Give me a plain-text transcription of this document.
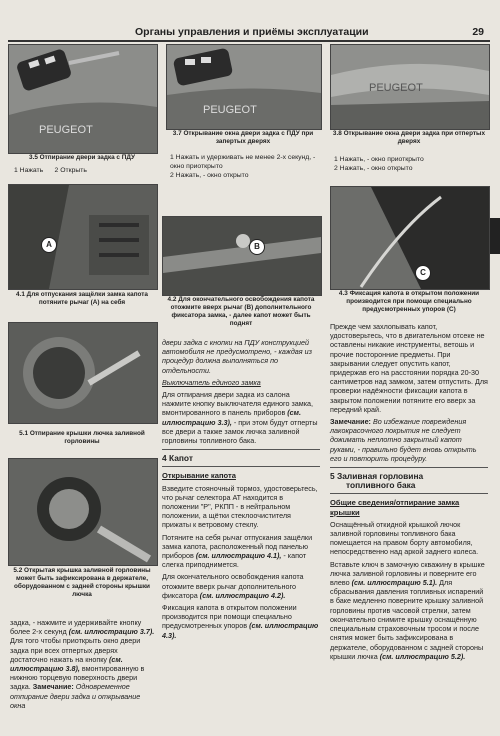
Органы управления и приёмы эксплуатации	29
PEUGEOT
3.5 Отпирание двери задка с ПДУ
1 Нажать 2 Открыть
PEUGEOT
3.7 Открывание окна двери задка с ПДУ при запертых дверях
1 Нажать и удерживать не менее 2-х секунд, - окно приоткрыто
2 Нажать, - окно открыто
PEUGEOT
3.8 Открывание окна двери задка при отпертых дверях
1 Нажать, - окно приоткрыто
2 Нажать, - окно открыто
A
4.1 Для отпускания защёлки замка капота потяните рычаг (А) на себя
B
4.2 Для окончательного освобождения капота отожмите вверх рычаг (B) дополнительного фиксатора замка, - далее капот может быть поднят
C
4.3 Фиксация капота в открытом положении производится при помощи специально предусмотренных упоров (С)
5.1 Отпирание крышки лючка заливной горловины
5.2 Открытая крышка заливной горловины может быть зафиксирована в держателе, оборудованном с задней стороны крышки лючка
задка, - нажмите и удерживайте кнопку более 2-х секунд (см. иллюстрацию 3.7). Для того чтобы приоткрыть окно двери задка при всех отпертых дверях достаточно нажать на кнопку (см. иллюстрацию 3.8), вмонтированную в нижнюю торцевую поверхность двери задка. Замечание: Одновременное отпирание двери задка и открывание окна

двери задка с кнопки на ПДУ конструкцией автомобиля не предусмотрено, - каждая из процедур должна выполняться по отдельности.

Выключатель единого замка

Для отпирания двери задка из салона нажмите кнопку выключателя единого замка, вмонтированного в панель приборов (см. иллюстрацию 3.3), - при этом будут отперты все двери а также замок лючка заливной горловины топливного бака.

4 Капот

Открывание капота

Взведите стояночный тормоз, удостоверьтесь, что рычаг селектора АТ находится в положении "Р", РКПП - в нейтральном положении, а щётки стеклоочистителя прижаты к ветровому стеклу.

Потяните на себя рычаг отпускания защёлки замка капота, расположенный под панелью приборов (см. иллюстрацию 4.1), - капот слегка приподнимется.

Для окончательного освобождения капота отожмите вверх рычаг дополнительного фиксатора (см. иллюстрацию 4.2).

Фиксация капота в открытом положении производится при помощи специально предусмотренных упоров (см. иллюстрацию 4.3).

Прежде чем захлопывать капот, удостоверьтесь, что в двигательном отсеке не оставлены никакие инструменты, ветошь и прочие посторонние предметы. При закрывании следует опустить капот, придержав его на расстоянии порядка 20-30 сантиметров над замком, затем отпустить. Для проверки надёжности фиксации капота в закрытом положении потяните его вверх за передний край.

Замечание: Во избежание повреждения лакокрасочного покрытия не следует дожимать неплотно закрытый капот руками, - правильно будет вновь открыть его и повторить процедуру.

5 Заливная горловина
топливного бака

Общие сведения/отпирание замка крышки

Оснащённый откидной крышкой лючок заливной горловины топливного бака помещается на правом борту автомобиля, непосредственно над аркой заднего колеса.

Вставьте ключ в замочную скважину в крышке лючка заливной горловины и поверните его влево (см. иллюстрацию 5.1). Для сбрасывания давления топливных испарений в баке медленно поверните крышку заливной горловины против часовой стрелки, затем окончательно снимите крышку оснащённую специальным страховочным тросом и после снятия может быть зафиксирована в держателе, оборудованном с задней стороны крышки лючка (см. иллюстрацию 5.2).
